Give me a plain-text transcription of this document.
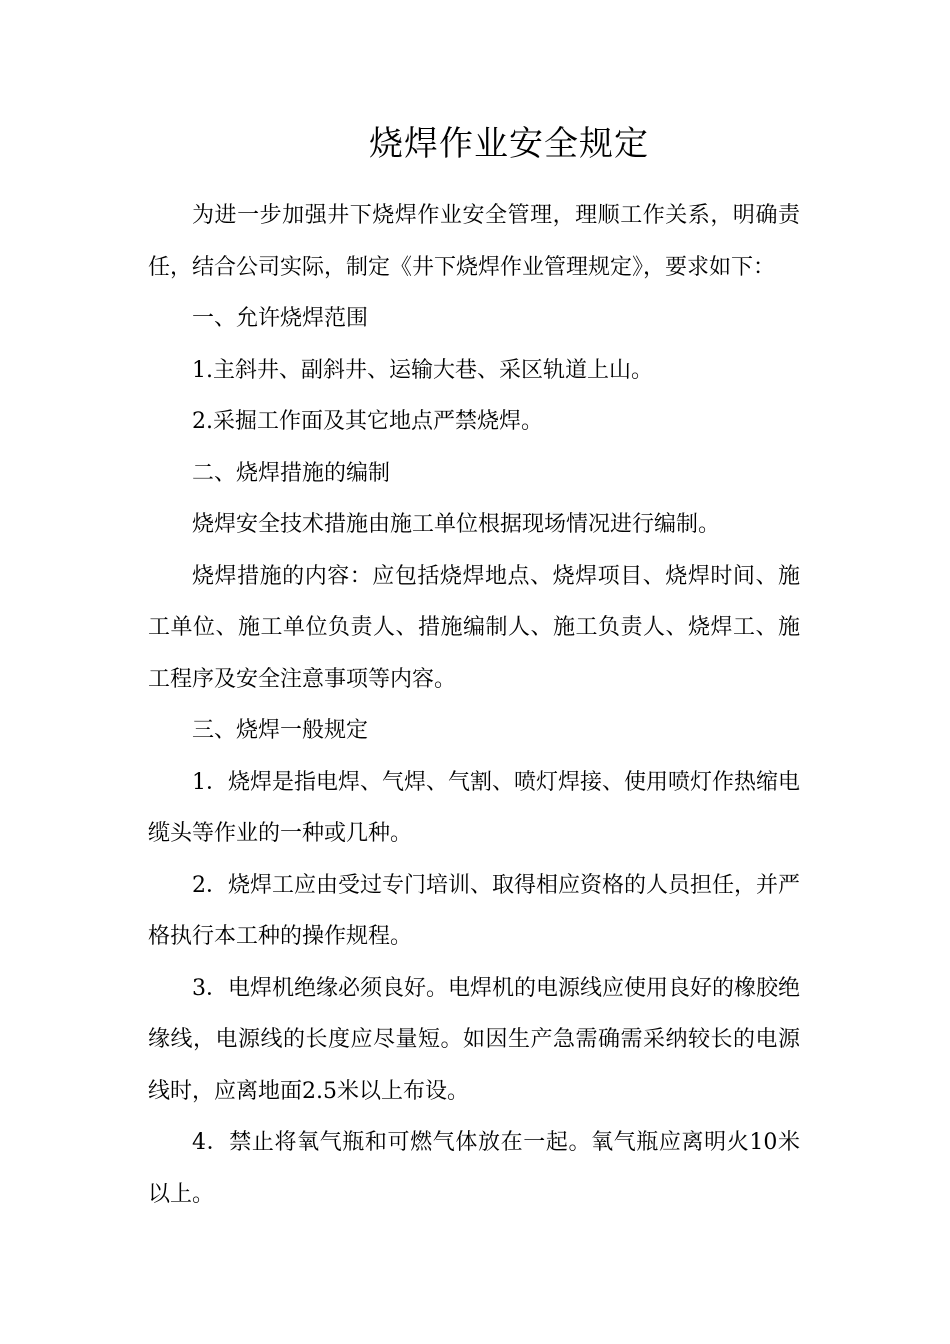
烧焊作业安全规定

为进一步加强井下烧焊作业安全管理，理顺工作关系，明确责任，结合公司实际，制定《井下烧焊作业管理规定》，要求如下：

一、允许烧焊范围

1.主斜井、副斜井、运输大巷、采区轨道上山。

2.采掘工作面及其它地点严禁烧焊。

二、烧焊措施的编制

烧焊安全技术措施由施工单位根据现场情况进行编制。

烧焊措施的内容：应包括烧焊地点、烧焊项目、烧焊时间、施工单位、施工单位负责人、措施编制人、施工负责人、烧焊工、施工程序及安全注意事项等内容。

三、烧焊一般规定

1．烧焊是指电焊、气焊、气割、喷灯焊接、使用喷灯作热缩电缆头等作业的一种或几种。

2．烧焊工应由受过专门培训、取得相应资格的人员担任，并严格执行本工种的操作规程。

3．电焊机绝缘必须良好。电焊机的电源线应使用良好的橡胶绝缘线，电源线的长度应尽量短。如因生产急需确需采纳较长的电源线时，应离地面2.5米以上布设。

4．禁止将氧气瓶和可燃气体放在一起。氧气瓶应离明火10米以上。
